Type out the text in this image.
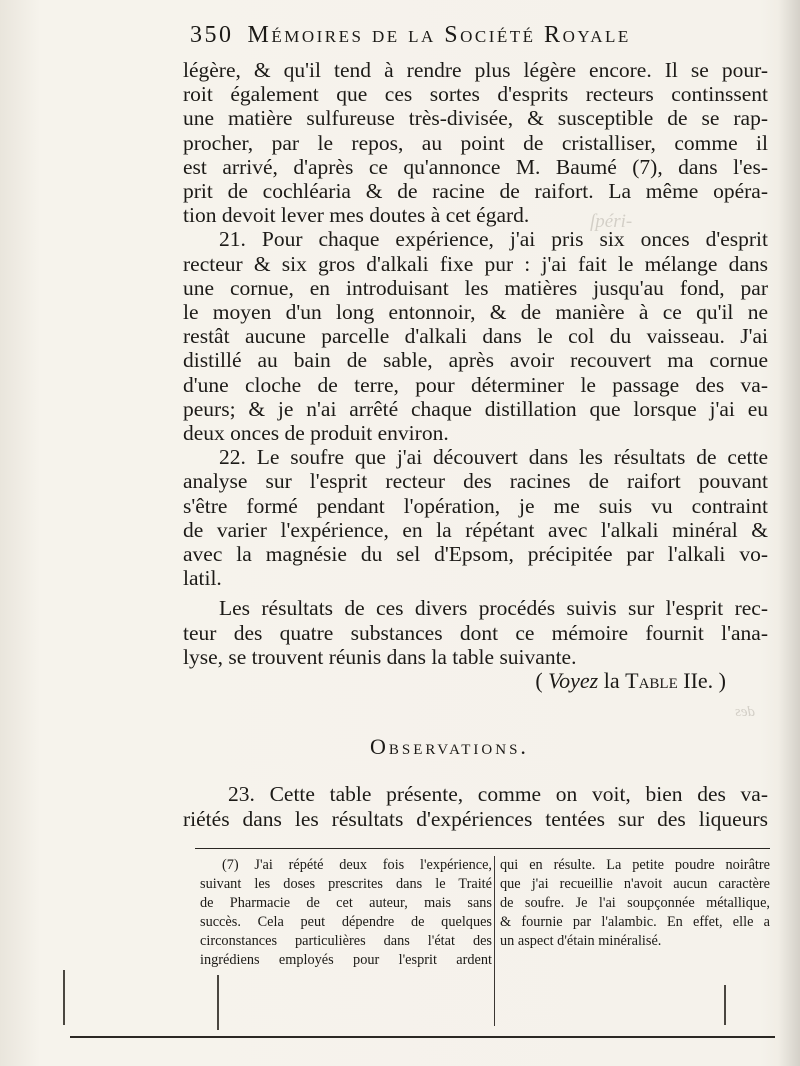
ſpéri-
des
350 Mémoires de la Société Royale

légère, & qu'il tend à rendre plus légère encore. Il se pour-
roit également que ces sortes d'esprits recteurs continssent
une matière sulfureuse très-divisée, & susceptible de se rap-
procher, par le repos, au point de cristalliser, comme il
est arrivé, d'après ce qu'annonce M. Baumé (7), dans l'es-
prit de cochléaria & de racine de raifort. La même opéra-
tion devoit lever mes doutes à cet égard.

21. Pour chaque expérience, j'ai pris six onces d'esprit
recteur & six gros d'alkali fixe pur : j'ai fait le mélange dans
une cornue, en introduisant les matières jusqu'au fond, par
le moyen d'un long entonnoir, & de manière à ce qu'il ne
restât aucune parcelle d'alkali dans le col du vaisseau. J'ai
distillé au bain de sable, après avoir recouvert ma cornue
d'une cloche de terre, pour déterminer le passage des va-
peurs; & je n'ai arrêté chaque distillation que lorsque j'ai eu
deux onces de produit environ.

22. Le soufre que j'ai découvert dans les résultats de cette
analyse sur l'esprit recteur des racines de raifort pouvant
s'être formé pendant l'opération, je me suis vu contraint
de varier l'expérience, en la répétant avec l'alkali minéral &
avec la magnésie du sel d'Epsom, précipitée par l'alkali vo-
latil.

Les résultats de ces divers procédés suivis sur l'esprit rec-
teur des quatre substances dont ce mémoire fournit l'ana-
lyse, se trouvent réunis dans la table suivante.

( Voyez la Table IIe. )

Observations.
23. Cette table présente, comme on voit, bien des va-
riétés dans les résultats d'expériences tentées sur des liqueurs
(7) J'ai répété deux fois l'expérience,
suivant les doses prescrites dans le Traité
de Pharmacie de cet auteur, mais sans
succès. Cela peut dépendre de quelques
circonstances particulières dans l'état des
ingrédiens employés pour l'esprit ardent
qui en résulte. La petite poudre noirâtre
que j'ai recueillie n'avoit aucun caractère
de soufre. Je l'ai soupçonnée métallique,
& fournie par l'alambic. En effet, elle a
un aspect d'étain minéralisé.
